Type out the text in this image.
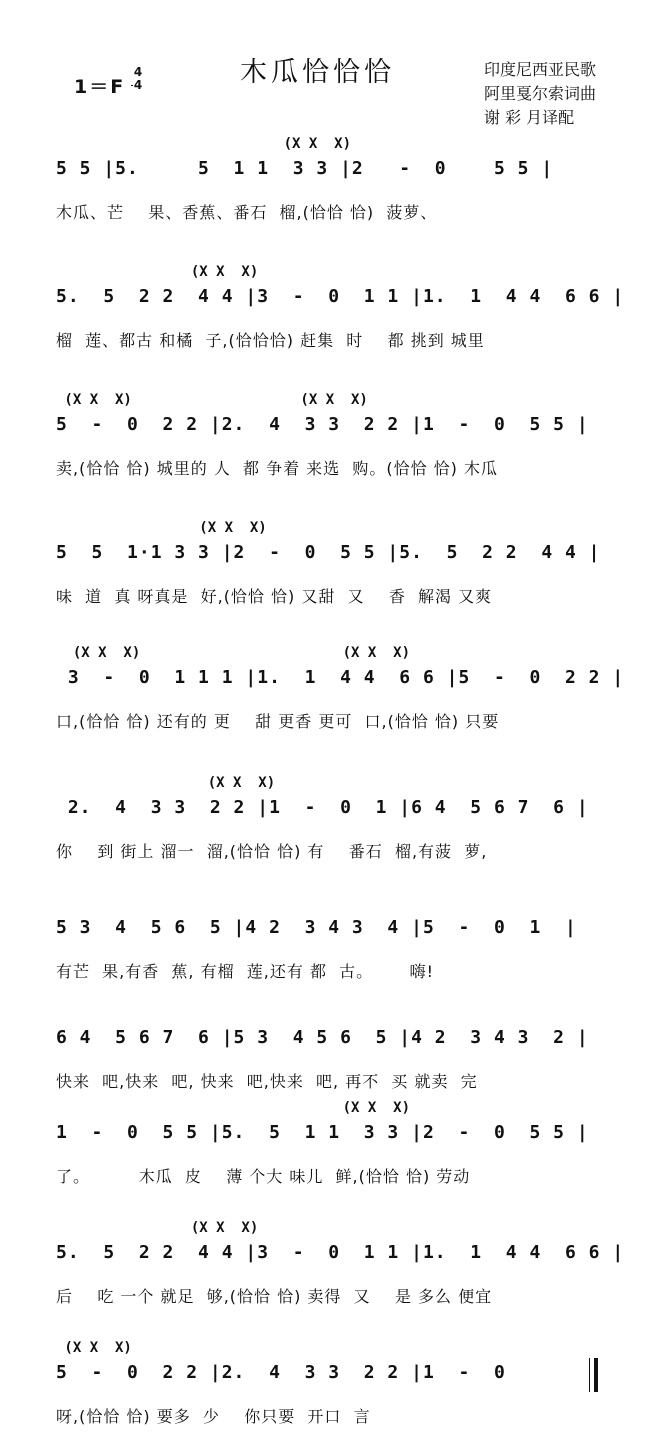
1＝F
4
4	木瓜恰恰恰	印度尼西亚民歌
阿里戛尔索词曲
谢 彩 月译配
(X X  X)
5 5 |5.     5  1 1  3 3 |2   -  0    5 5 |
木瓜、芒    果、香蕉、番石  榴,(恰恰 恰)  菠萝、
(X X  X)
5.  5  2 2  4 4 |3  -  0  1 1 |1.  1  4 4  6 6 |
榴  莲、都古 和橘  子,(恰恰恰) 赶集  时    都 挑到 城里
(X X  X)                    (X X  X)
5  -  0  2 2 |2.  4  3 3  2 2 |1  -  0  5 5 |
卖,(恰恰 恰) 城里的 人  都 争着 来选  购。(恰恰 恰) 木瓜
(X X  X)
5  5  1·1 3 3 |2  -  0  5 5 |5.  5  2 2  4 4 |
味  道  真 呀真是  好,(恰恰 恰) 又甜  又    香  解渴 又爽
(X X  X)                        (X X  X)
3  -  0  1 1 1 |1.  1  4 4  6 6 |5  -  0  2 2 |
口,(恰恰 恰) 还有的 更    甜 更香 更可  口,(恰恰 恰) 只要
(X X  X)
2.  4  3 3  2 2 |1  -  0  1 |6 4  5 6 7  6 |
你    到 街上 溜一  溜,(恰恰 恰) 有    番石  榴,有菠  萝,
5 3  4  5 6  5 |4 2  3 4 3  4 |5  -  0  1  |
有芒  果,有香  蕉, 有榴  莲,还有 都  古。      嗨!
6 4  5 6 7  6 |5 3  4 5 6  5 |4 2  3 4 3  2 |
快来  吧,快来  吧, 快来  吧,快来  吧, 再不  买 就卖  完
(X X  X)
1  -  0  5 5 |5.  5  1 1  3 3 |2  -  0  5 5 |
了。        木瓜  皮    薄 个大 味儿  鲜,(恰恰 恰) 劳动
(X X  X)
5.  5  2 2  4 4 |3  -  0  1 1 |1.  1  4 4  6 6 |
后    吃 一个 就足  够,(恰恰 恰) 卖得  又    是 多么 便宜
(X X  X)
5  -  0  2 2 |2.  4  3 3  2 2 |1  -  0
呀,(恰恰 恰) 要多  少    你只要  开口  言
